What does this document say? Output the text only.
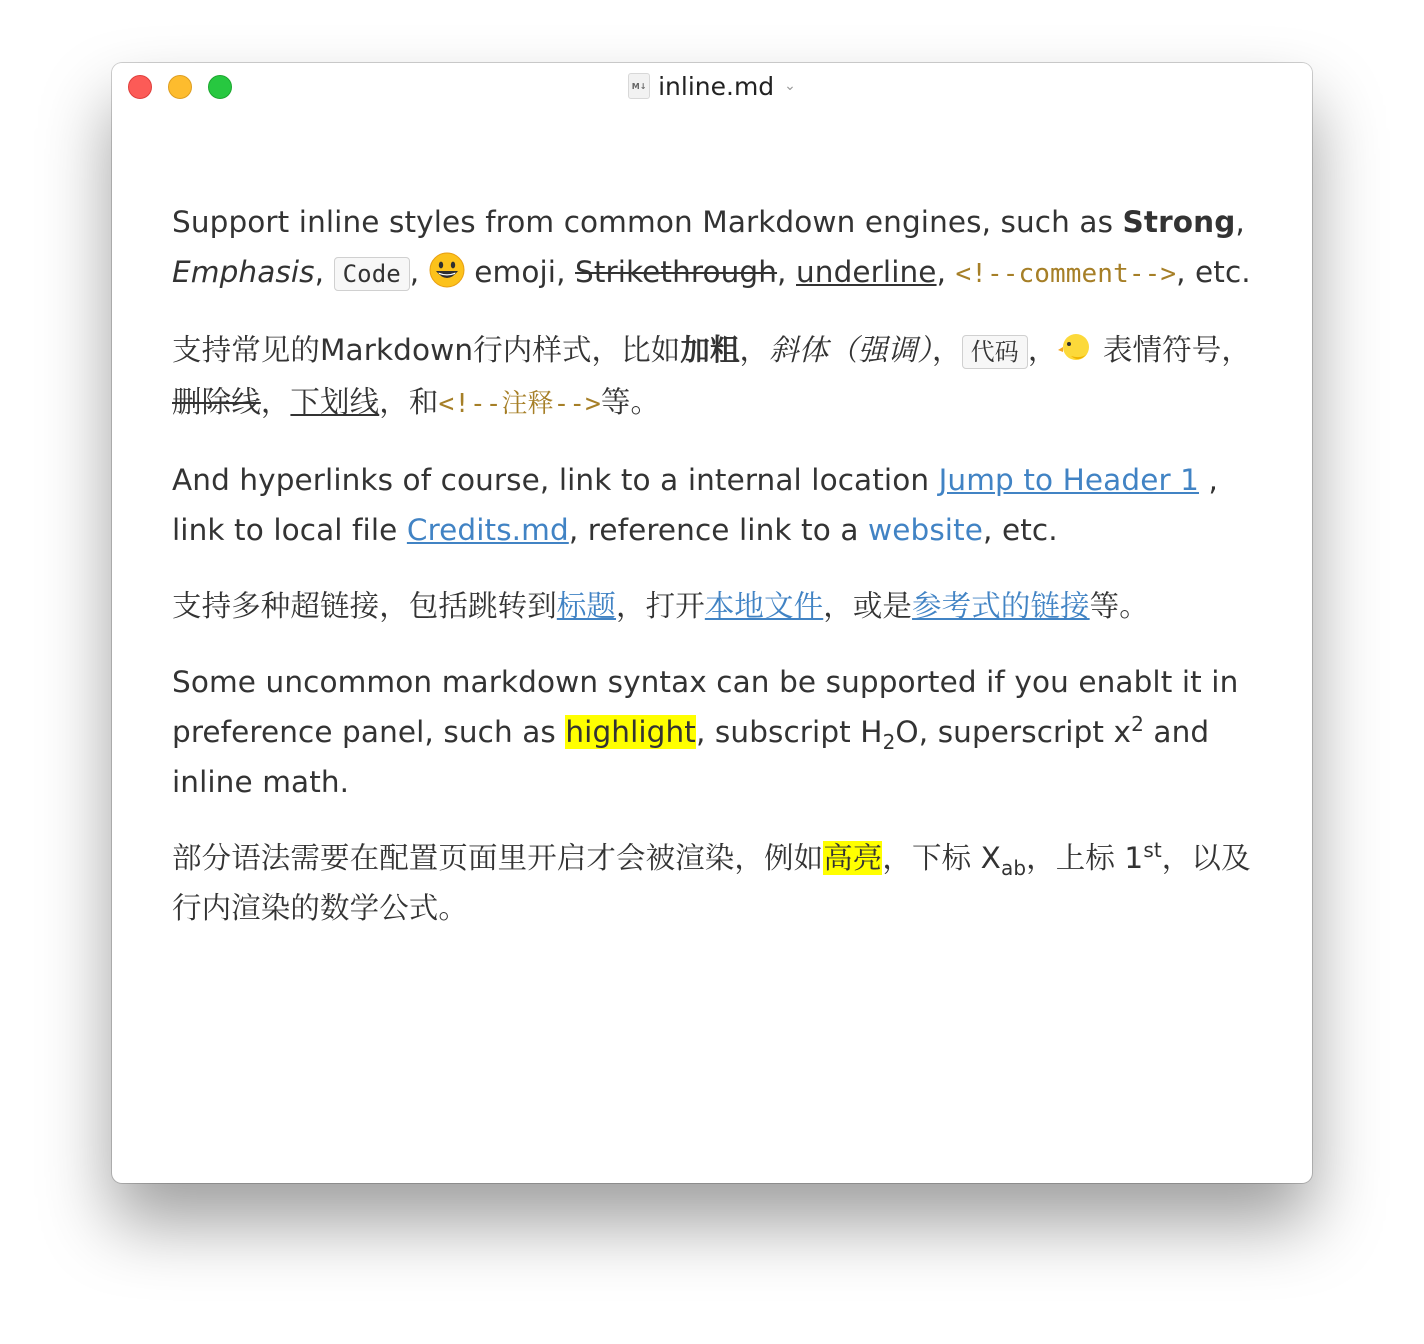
M↓ inline.md ⌄

Support inline styles from common Markdown engines, such as Strong, Emphasis, Code ,  emoji, Strikethrough, underline, <!--comment-->, etc.

支持常见的Markdown行内样式，比如加粗，斜体（强调）， 代码 ， 表情符号，删除线，下划线，和<!--注释-->等。

And hyperlinks of course, link to a internal location Jump to Header 1 , link to local file Credits.md, reference link to a website, etc.

支持多种超链接，包括跳转到标题，打开本地文件，或是参考式的链接等。

Some uncommon markdown syntax can be supported if you enablt it in preference panel, such as highlight, subscript $H_2O$, superscript $x^2$ and inline math.

部分语法需要在配置页面里开启才会被渲染，例如高亮，下标 $X_{ab}$，上标 1st，以及行内渲染的数学公式。
